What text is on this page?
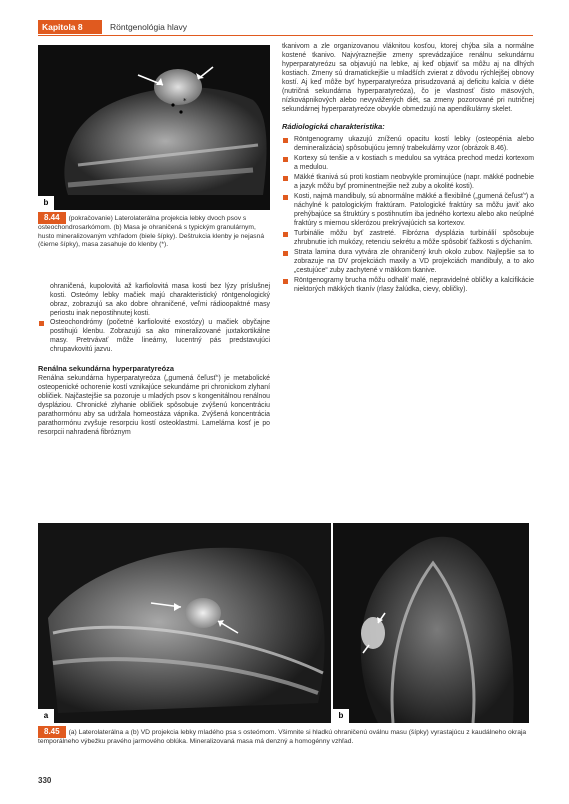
Kapitola 8	Röntgenológia hlavy
*
b
8.44 (pokračovanie) Laterolaterálna projekcia lebky dvoch psov s osteochondrosarkómom. (b) Masa je ohraničená s typickým granulárnym, husto mineralizovaným vzhľadom (biele šípky). Deštrukcia klenby je nejasná (čierne šípky), masa zasahuje do klenby (*).

ohraničená, kupolovitá až karfiolovitá masa kosti bez lýzy príslušnej kosti. Osteómy lebky mačiek majú charakteristický röntgenologický obraz, zobrazujú sa ako dobre ohraničené, veľmi rádioopaktné masy periostu inak nepostihnutej kosti.

Osteochondrómy (početné karfiolovité exostózy) u mačiek obyčajne postihujú klenbu. Zobrazujú sa ako mineralizované juxtakortikálne masy. Pretrvávať môže lineárny, lucentný pás predstavujúci chrupavkovitú jazvu.
Renálna sekundárna hyperparatyreóza

Renálna sekundárna hyperparatyreóza („gumená čeľusť“) je metabolické osteopenické ochorenie kostí vznikajúce sekundárne pri chronickom zlyhaní obličiek. Najčastejšie sa pozoruje u mladých psov s kongenitálnou renálnou dyspláziou. Chronické zlyhanie obličiek spôsobuje zvýšenú koncentráciu parathormónu aby sa udržala homeostáza vápnika. Zvýšená koncentrácia parathormónu zvyšuje resorpciu kostí osteoklastmi. Lamelárna kosť je po resorpcii nahradená fibróznym

tkanivom a zle organizovanou vláknitou kosťou, ktorej chýba sila a normálne kostené tkanivo. Najvýraznejšie zmeny sprevádzajúce renálnu sekundárnu hyperparatyreózu sa objavujú na lebke, aj keď objaviť sa môžu aj na dlhých kostiach. Zmeny sú dramatickejšie u mladších zvierat z dôvodu rýchlejšej obnovy kostí. Aj keď môže byť hyperparatyreóza prisudzovaná aj deficitu kalcia v diéte (nutričná sekundárna hyperparatyreóza), čo je vlastnosť čisto mäsových, nízkovápnikových alebo nevyvážených diét, sa zmeny pozorované pri nutričnej sekundárnej hyperparatyreóze obvykle obmedzujú na apendikulárny skelet.

Rádiologická charakteristika:
Röntgenogramy ukazujú zníženú opacitu kostí lebky (osteopénia alebo demineralizácia) spôsobujúcu jemný trabekulárny vzor (obrázok 8.46).
Kortexy sú tenšie a v kostiach s medulou sa vytráca prechod medzi kortexom a medulou.
Mäkké tkanivá sú proti kostiam neobvykle prominujúce (napr. mäkké podnebie a jazyk môžu byť prominentnejšie než zuby a okolité kosti).
Kosti, najmä mandibuly, sú abnormálne mäkké a flexibilné („gumená čeľusť“) a náchylné k patologickým fraktúram. Patologické fraktúry sa môžu javiť ako prehýbajúce sa štruktúry s postihnutím iba jedného kortexu alebo ako neúplné fraktúry s miernou sklerózou prekrývajúcich sa kortexov.
Turbinálie môžu byť zastreté. Fibrózna dysplázia turbinálií spôsobuje zhrubnutie ich mukózy, retenciu sekrétu a môže spôsobiť ťažkosti s dýchaním.
Strata lamina dura vytvára zle ohraničený kruh okolo zubov. Najlepšie sa to zobrazuje na DV projekciách maxily a VD projekciách mandibuly, a to ako „cestujúce“ zuby zachytené v mäkkom tkanive.
Röntgenogramy brucha môžu odhaliť malé, nepravidelné obličky a kalcifikácie niektorých mäkkých tkanív (rlasy žalúdka, cievy, obličky).
a	b
8.45 (a) Laterolaterálna a (b) VD projekcia lebky mladého psa s osteómom. Všimnite si hladkú ohraničenú oválnu masu (šípky) vyrastajúcu z kaudálneho okraja temporálneho výbežku pravého jarmového oblúka. Mineralizovaná masa má denzný a homogénny vzhľad.
330
